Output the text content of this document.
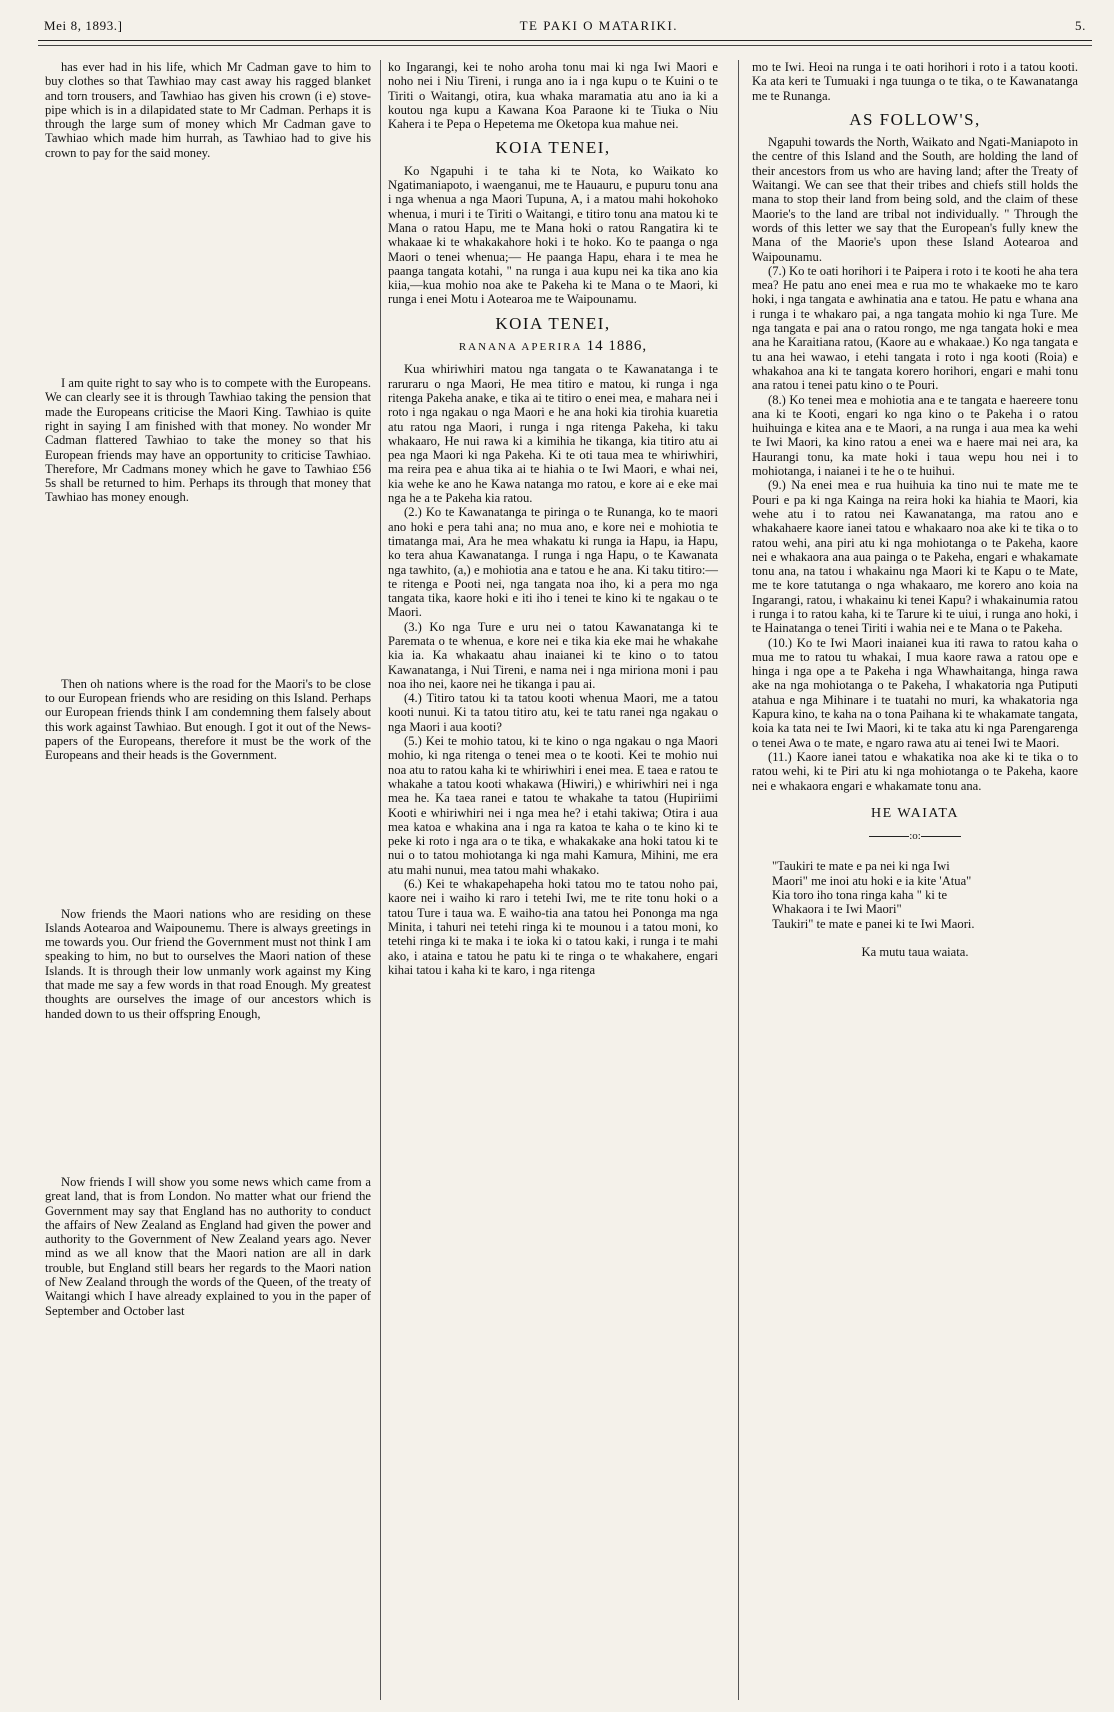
Mei 8, 1893.]	TE PAKI O MATARIKI.	5.

has ever had in his life, which Mr Cadman gave to him to buy clothes so that Tawhiao may cast away his ragged blanket and torn trousers, and Tawhiao has given his crown (i e) stove-pipe which is in a dilapidated state to Mr Cadman. Perhaps it is through the large sum of money which Mr Cadman gave to Tawhiao which made him hurrah, as Tawhiao had to give his crown to pay for the said money.

I am quite right to say who is to compete with the Europeans. We can clearly see it is through Tawhiao taking the pension that made the Europeans criticise the Maori King. Tawhiao is quite right in saying I am finished with that money. No wonder Mr Cadman flattered Tawhiao to take the money so that his European friends may have an opportunity to criticise Tawhiao. Therefore, Mr Cadmans money which he gave to Tawhiao £56 5s shall be returned to him. Perhaps its through that money that Tawhiao has money enough.

Then oh nations where is the road for the Maori's to be close to our European friends who are residing on this Island. Perhaps our European friends think I am condemning them falsely about this work against Tawhiao. But enough. I got it out of the News-papers of the Europeans, therefore it must be the work of the Europeans and their heads is the Government.

Now friends the Maori nations who are residing on these Islands Aotearoa and Waipounemu. There is always greetings in me towards you. Our friend the Government must not think I am speaking to him, no but to ourselves the Maori nation of these Islands. It is through their low unmanly work against my King that made me say a few words in that road Enough. My greatest thoughts are ourselves the image of our ancestors which is handed down to us their offspring Enough,

Now friends I will show you some news which came from a great land, that is from London. No matter what our friend the Government may say that England has no authority to conduct the affairs of New Zealand as England had given the power and authority to the Government of New Zealand years ago. Never mind as we all know that the Maori nation are all in dark trouble, but England still bears her regards to the Maori nation of New Zealand through the words of the Queen, of the treaty of Waitangi which I have already explained to you in the paper of September and October last

ko Ingarangi, kei te noho aroha tonu mai ki nga Iwi Maori e noho nei i Niu Tireni, i runga ano ia i nga kupu o te Kuini o te Tiriti o Waitangi, otira, kua whaka maramatia atu ano ia ki a koutou nga kupu a Kawana Koa Paraone ki te Tiuka o Niu Kahera i te Pepa o Hepetema me Oketopa kua mahue nei.

KOIA TENEI,

Ko Ngapuhi i te taha ki te Nota, ko Waikato ko Ngatimaniapoto, i waenganui, me te Hauauru, e pupuru tonu ana i nga whenua a nga Maori Tupuna, A, i a matou mahi hokohoko whenua, i muri i te Tiriti o Waitangi, e titiro tonu ana matou ki te Mana o ratou Hapu, me te Mana hoki o ratou Rangatira ki te whakaae ki te whakakahore hoki i te hoko. Ko te paanga o nga Maori o tenei whenua;— He paanga Hapu, ehara i te mea he paanga tangata kotahi, " na runga i aua kupu nei ka tika ano kia kiia,—kua mohio noa ake te Pakeha ki te Mana o te Maori, ki runga i enei Motu i Aotearoa me te Waipounamu.

KOIA TENEI,
RANANA APERIRA 14 1886,

Kua whiriwhiri matou nga tangata o te Kawanatanga i te raruraru o nga Maori, He mea titiro e matou, ki runga i nga ritenga Pakeha anake, e tika ai te titiro o enei mea, e mahara nei i roto i nga ngakau o nga Maori e he ana hoki kia tirohia kuaretia atu ratou nga Maori, i runga i nga ritenga Pakeha, ki taku whakaaro, He nui rawa ki a kimihia he tikanga, kia titiro atu ai pea nga Maori ki nga Pakeha. Ki te oti taua mea te whiriwhiri, ma reira pea e ahua tika ai te hiahia o te Iwi Maori, e whai nei, kia wehe ke ano he Kawa natanga mo ratou, e kore ai e eke mai nga he a te Pakeha kia ratou.

(2.) Ko te Kawanatanga te piringa o te Runanga, ko te maori ano hoki e pera tahi ana; no mua ano, e kore nei e mohiotia te timatanga mai, Ara he mea whakatu ki runga ia Hapu, ia Hapu, ko tera ahua Kawanatanga. I runga i nga Hapu, o te Kawanata nga tawhito, (a,) e mohiotia ana e tatou e he ana. Ki taku titiro:— te ritenga e Pooti nei, nga tangata noa iho, ki a pera mo nga tangata tika, kaore hoki e iti iho i tenei te kino ki te ngakau o te Maori.

(3.) Ko nga Ture e uru nei o tatou Kawanatanga ki te Paremata o te whenua, e kore nei e tika kia eke mai he whakahe kia ia. Ka whakaatu ahau inaianei ki te kino o to tatou Kawanatanga, i Nui Tireni, e nama nei i nga miriona moni i pau noa iho nei, kaore nei he tikanga i pau ai.

(4.) Titiro tatou ki ta tatou kooti whenua Maori, me a tatou kooti nunui. Ki ta tatou titiro atu, kei te tatu ranei nga ngakau o nga Maori i aua kooti?

(5.) Kei te mohio tatou, ki te kino o nga ngakau o nga Maori mohio, ki nga ritenga o tenei mea o te kooti. Kei te mohio nui noa atu to ratou kaha ki te whiriwhiri i enei mea. E taea e ratou te whakahe a tatou kooti whakawa (Hiwiri,) e whiriwhiri nei i nga mea he. Ka taea ranei e tatou te whakahe ta tatou (Hupiriimi Kooti e whiriwhiri nei i nga mea he? i etahi takiwa; Otira i aua mea katoa e whakina ana i nga ra katoa te kaha o te kino ki te peke ki roto i nga ara o te tika, e whakakake ana hoki tatou ki te nui o to tatou mohiotanga ki nga mahi Kamura, Mihini, me era atu mahi nunui, mea tatou mahi whakako.

(6.) Kei te whakapehapeha hoki tatou mo te tatou noho pai, kaore nei i waiho ki raro i tetehi Iwi, me te rite tonu hoki o a tatou Ture i taua wa. E waiho-tia ana tatou hei Pononga ma nga Minita, i tahuri nei tetehi ringa ki te mounou i a tatou moni, ko tetehi ringa ki te maka i te ioka ki o tatou kaki, i runga i te mahi ako, i ataina e tatou he patu ki te ringa o te whakahere, engari kihai tatou i kaha ki te karo, i nga ritenga

mo te Iwi. Heoi na runga i te oati horihori i roto i a tatou kooti. Ka ata keri te Tumuaki i nga tuunga o te tika, o te Kawanatanga me te Runanga.

AS FOLLOW'S,

Ngapuhi towards the North, Waikato and Ngati-Maniapoto in the centre of this Island and the South, are holding the land of their ancestors from us who are having land; after the Treaty of Waitangi. We can see that their tribes and chiefs still holds the mana to stop their land from being sold, and the claim of these Maorie's to the land are tribal not individually. " Through the words of this letter we say that the European's fully knew the Mana of the Maorie's upon these Island Aotearoa and Waipounamu.

(7.) Ko te oati horihori i te Paipera i roto i te kooti he aha tera mea? He patu ano enei mea e rua mo te whakaeke mo te karo hoki, i nga tangata e awhinatia ana e tatou. He patu e whana ana i runga i te whakaro pai, a nga tangata mohio ki nga Ture. Me nga tangata e pai ana o ratou rongo, me nga tangata hoki e mea ana he Karaitiana ratou, (Kaore au e whakaae.) Ko nga tangata e tu ana hei wawao, i etehi tangata i roto i nga kooti (Roia) e whakahoa ana ki te tangata korero horihori, engari e mahi tonu ana ratou i tenei patu kino o te Pouri.

(8.) Ko tenei mea e mohiotia ana e te tangata e haereere tonu ana ki te Kooti, engari ko nga kino o te Pakeha i o ratou huihuinga e kitea ana e te Maori, a na runga i aua mea ka wehi te Iwi Maori, ka kino ratou a enei wa e haere mai nei ara, ka Haurangi tonu, ka mate hoki i taua wepu hou nei i to mohiotanga, i naianei i te he o te huihui.

(9.) Na enei mea e rua huihuia ka tino nui te mate me te Pouri e pa ki nga Kainga na reira hoki ka hiahia te Maori, kia wehe atu i to ratou nei Kawanatanga, ma ratou ano e whakahaere kaore ianei tatou e whakaaro noa ake ki te tika o to ratou wehi, ana piri atu ki nga mohiotanga o te Pakeha, kaore nei e whakaora ana aua painga o te Pakeha, engari e whakamate tonu ana, na tatou i whakainu nga Maori ki te Kapu o te Mate, me te kore tatutanga o nga whakaaro, me korero ano koia na Ingarangi, ratou, i whakainu ki tenei Kapu? i whakainumia ratou i runga i to ratou kaha, ki te Tarure ki te uiui, i runga ano hoki, i te Hainatanga o tenei Tiriti i wahia nei e te Mana o te Pakeha.

(10.) Ko te Iwi Maori inaianei kua iti rawa to ratou kaha o mua me to ratou tu whakai, I mua kaore rawa a ratou ope e hinga i nga ope a te Pakeha i nga Whawhaitanga, hinga rawa ake na nga mohiotanga o te Pakeha, I whakatoria nga Putiputi atahua e nga Mihinare i te tuatahi no muri, ka whakatoria nga Kapura kino, te kaha na o tona Paihana ki te whakamate tangata, koia ka tata nei te Iwi Maori, ki te taka atu ki nga Parengarenga o tenei Awa o te mate, e ngaro rawa atu ai tenei Iwi te Maori.

(11.) Kaore ianei tatou e whakatika noa ake ki te tika o to ratou wehi, ki te Piri atu ki nga mohiotanga o te Pakeha, kaore nei e whakaora engari e whakamate tonu ana.

HE WAIATA
:o:

"Taukiri te mate e pa nei ki nga Iwi

Maori" me inoi atu hoki e ia kite 'Atua"

Kia toro iho tona ringa kaha " ki te

Whakaora i te Iwi Maori"

Taukiri" te mate e panei ki te Iwi Maori.

Ka mutu taua waiata.
